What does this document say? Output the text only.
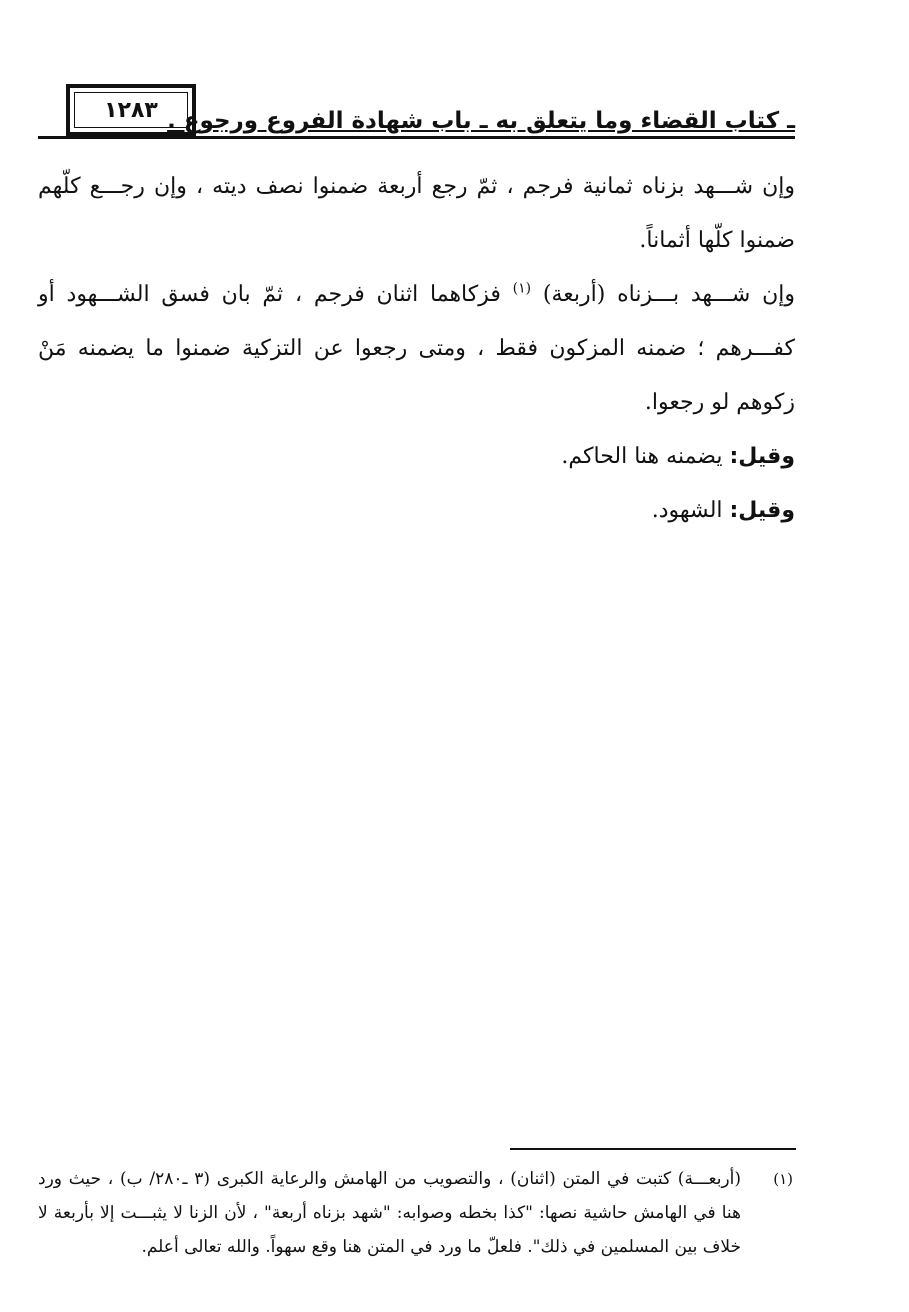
١٢٨٣ ـ كتاب القضاء وما يتعلق به ـ باب شهادة الفروع ورجوع .

وإن شـــهد بزناه ثمانية فرجم ، ثمّ رجع أربعة ضمنوا نصف ديته ، وإن رجـــع كلّهم ضمنوا كلّها أثماناً.

وإن شـــهد بـــزناه (أربعة) $^{(١)}$ فزكاهما اثنان فرجم ، ثمّ بان فسق الشـــهود أو كفـــرهم ؛ ضمنه المزكون فقط ، ومتى رجعوا عن التزكية ضمنوا ما يضمنه مَنْ زكوهم لو رجعوا.

وقيل: يضمنه هنا الحاكم.

وقيل: الشهود.

(١)
(أربعـــة) كتبت في المتن (اثنان) ، والتصويب من الهامش والرعاية الكبرى (٣ ـ٢٨٠/ ب) ، حيث ورد هنا في الهامش حاشية نصها: "كذا بخطه وصوابه: "شهد بزناه أربعة" ، لأن الزنا لا يثبـــت إلا بأربعة لا خلاف بين المسلمين في ذلك". فلعلّ ما ورد في المتن هنا وقع سهواً. والله تعالى أعلم.
